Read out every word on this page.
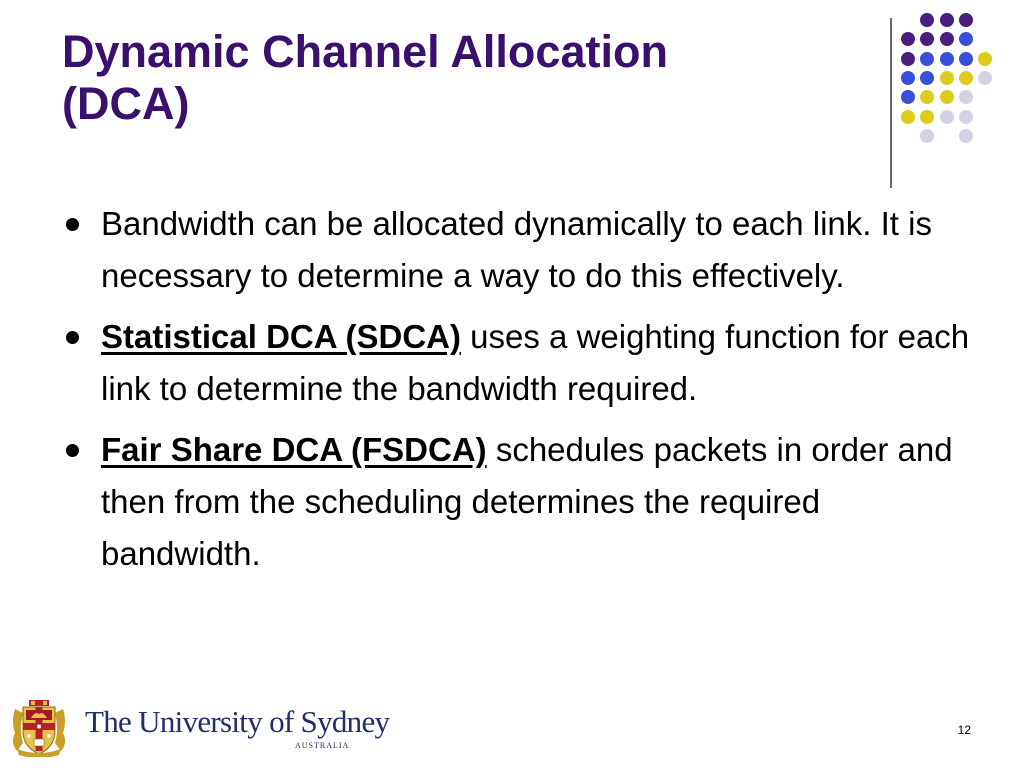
Dynamic Channel Allocation
(DCA)
Bandwidth can be allocated dynamically to each link. It is necessary to determine a way to do this effectively.
Statistical DCA (SDCA) uses a weighting function for each link to determine the bandwidth required.
Fair Share DCA (FSDCA) schedules packets in order and then from the scheduling determines the required bandwidth.
The University of Sydney
AUSTRALIA
12
